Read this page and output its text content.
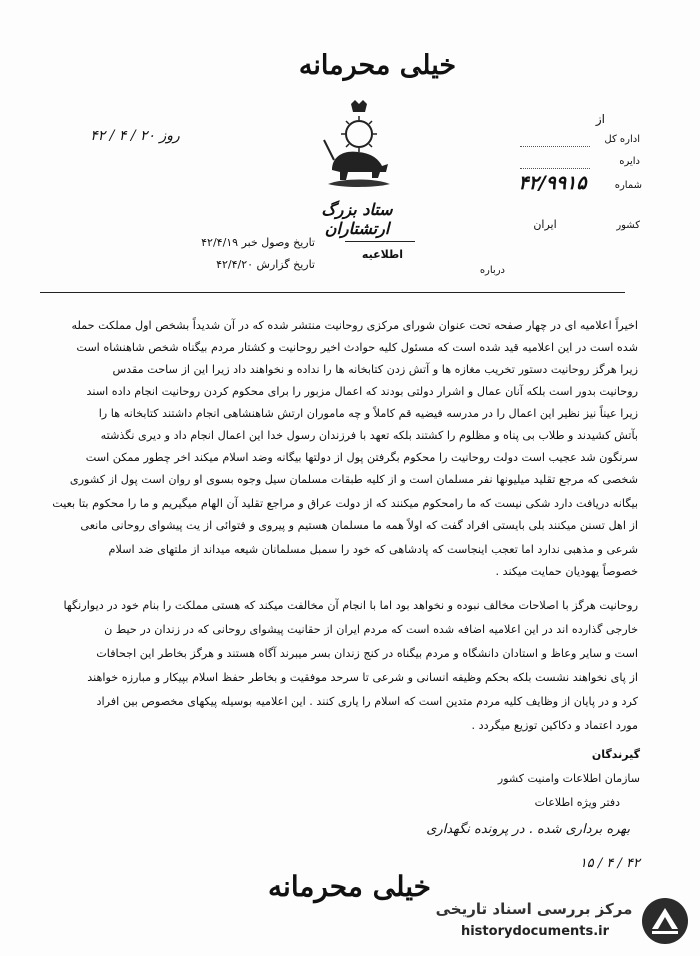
خیلی محرمانه
ستاد بزرگ ارتشتاران
از
اداره کل
دایره
شماره
۴۲/۹۹۱۵
کشور
ایران
روز ۲۰ / ۴ / ۴۲
تاریخ وصول خبر ۴۲/۴/۱۹
تاریخ گزارش ۴۲/۴/۲۰
اطلاعیه
درباره
اخیراً اعلامیه ای در چهار صفحه تحت عنوان شورای مرکزی روحانیت منتشر شده که در آن شدیداً بشخص اول مملکت حمله
شده است در این اعلامیه قید شده است که مسئول کلیه حوادث اخیر روحانیت و کشتار مردم بیگناه شخص شاهنشاه است
زیرا هرگز روحانیت دستور تخریب مغازه ها و آتش زدن کتابخانه ها را نداده و نخواهند داد زیرا این از ساحت مقدس
روحانیت بدور است بلکه آنان عمال و اشرار دولتی بودند که اعمال مزبور را برای محکوم کردن روحانیت انجام داده اسند
زیرا عیناً نیز نظیر این اعمال را در مدرسه فیضیه قم کاملاً و چه ماموران ارتش شاهنشاهی انجام داشتند کتابخانه ها را
بآتش کشیدند و طلاب بی پناه و مظلوم را کشتند بلکه تعهد با فرزندان رسول خدا این اعمال انجام داد و دیری نگذشته
سرنگون شد عجیب است دولت روحانیت را محکوم بگرفتن پول از دولتها بیگانه وضد اسلام میکند اخر چطور ممکن است
شخصی که مرجع تقلید میلیونها نفر مسلمان است و از کلیه طبقات مسلمان سیل وجوه بسوی او روان است پول از کشوری
بیگانه دریافت دارد شکی نیست که ما رامحکوم میکنند که از دولت عراق و مراجع تقلید آن الهام میگیریم و ما را محکوم بتا بعیت
از اهل تسنن میکنند بلی بایستی افراد گفت که اولاً همه ما مسلمان هستیم و پیروی و فتوائی از یت پیشوای روحانی مانعی
شرعی و مذهبی ندارد اما تعجب اینجاست که پادشاهی که خود را سمبل مسلمانان شیعه میداند از ملتهای ضد اسلام
خصوصاً یهودیان حمایت میکند .
روحانیت هرگز با اصلاحات مخالف نبوده و نخواهد بود اما با انجام آن مخالفت میکند که هستی مملکت را بنام خود در دیوارنگها
خارجی گذارده اند در این اعلامیه اضافه شده است که مردم ایران از حقانیت پیشوای روحانی که در زندان در حیط ن
است و سایر وعاظ و استادان دانشگاه و مردم بیگناه در کنج زندان بسر میبرند آگاه هستند و هرگز بخاطر این اجحافات
از پای نخواهند نشست بلکه بحکم وظیفه انسانی و شرعی تا سرحد موفقیت و بخاطر حفظ اسلام بپیکار و مبارزه خواهند
کرد و در پایان از وظایف کلیه مردم متدین است که اسلام را یاری کنند . این اعلامیه بوسیله پیکهای مخصوص بین افراد
مورد اعتماد و دکاکین توزیع میگردد .
گیرندگان
سازمان اطلاعات وامنیت کشور
دفتر ویژه اطلاعات
بهره برداری شده . در پرونده نگهداری
۱۵ / ۴ / ۴۲
خیلی محرمانه
مرکز بررسی اسناد تاریخی
historydocuments.ir
